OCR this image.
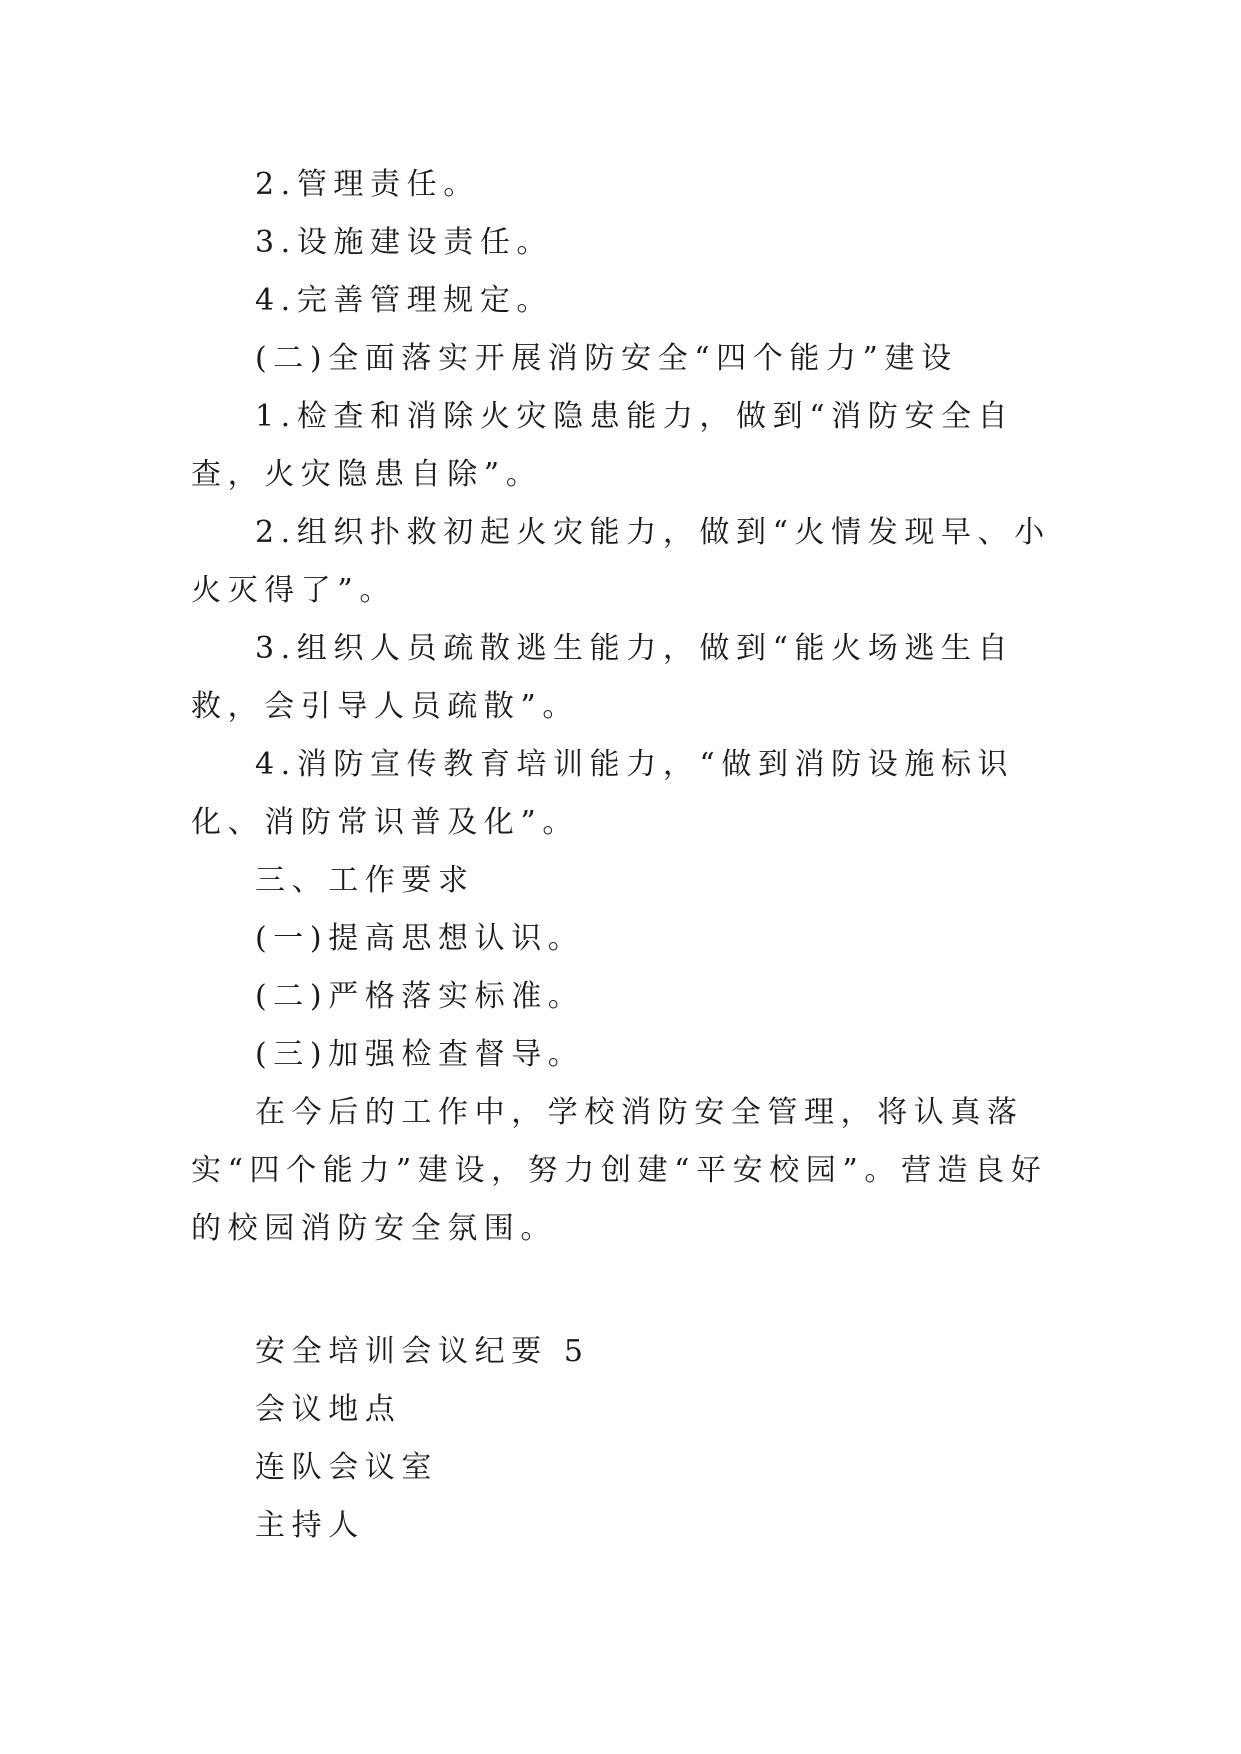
2.管理责任。

3.设施建设责任。

4.完善管理规定。

(二)全面落实开展消防安全“四个能力”建设

1.检查和消除火灾隐患能力，做到“消防安全自查，火灾隐患自除”。

2.组织扑救初起火灾能力，做到“火情发现早、小火灭得了”。

3.组织人员疏散逃生能力，做到“能火场逃生自救，会引导人员疏散”。

4.消防宣传教育培训能力，“做到消防设施标识化、消防常识普及化”。

三、工作要求

(一)提高思想认识。

(二)严格落实标准。

(三)加强检查督导。

在今后的工作中，学校消防安全管理，将认真落实“四个能力”建设，努力创建“平安校园”。营造良好的校园消防安全氛围。

安全培训会议纪要 5

会议地点

连队会议室

主持人
